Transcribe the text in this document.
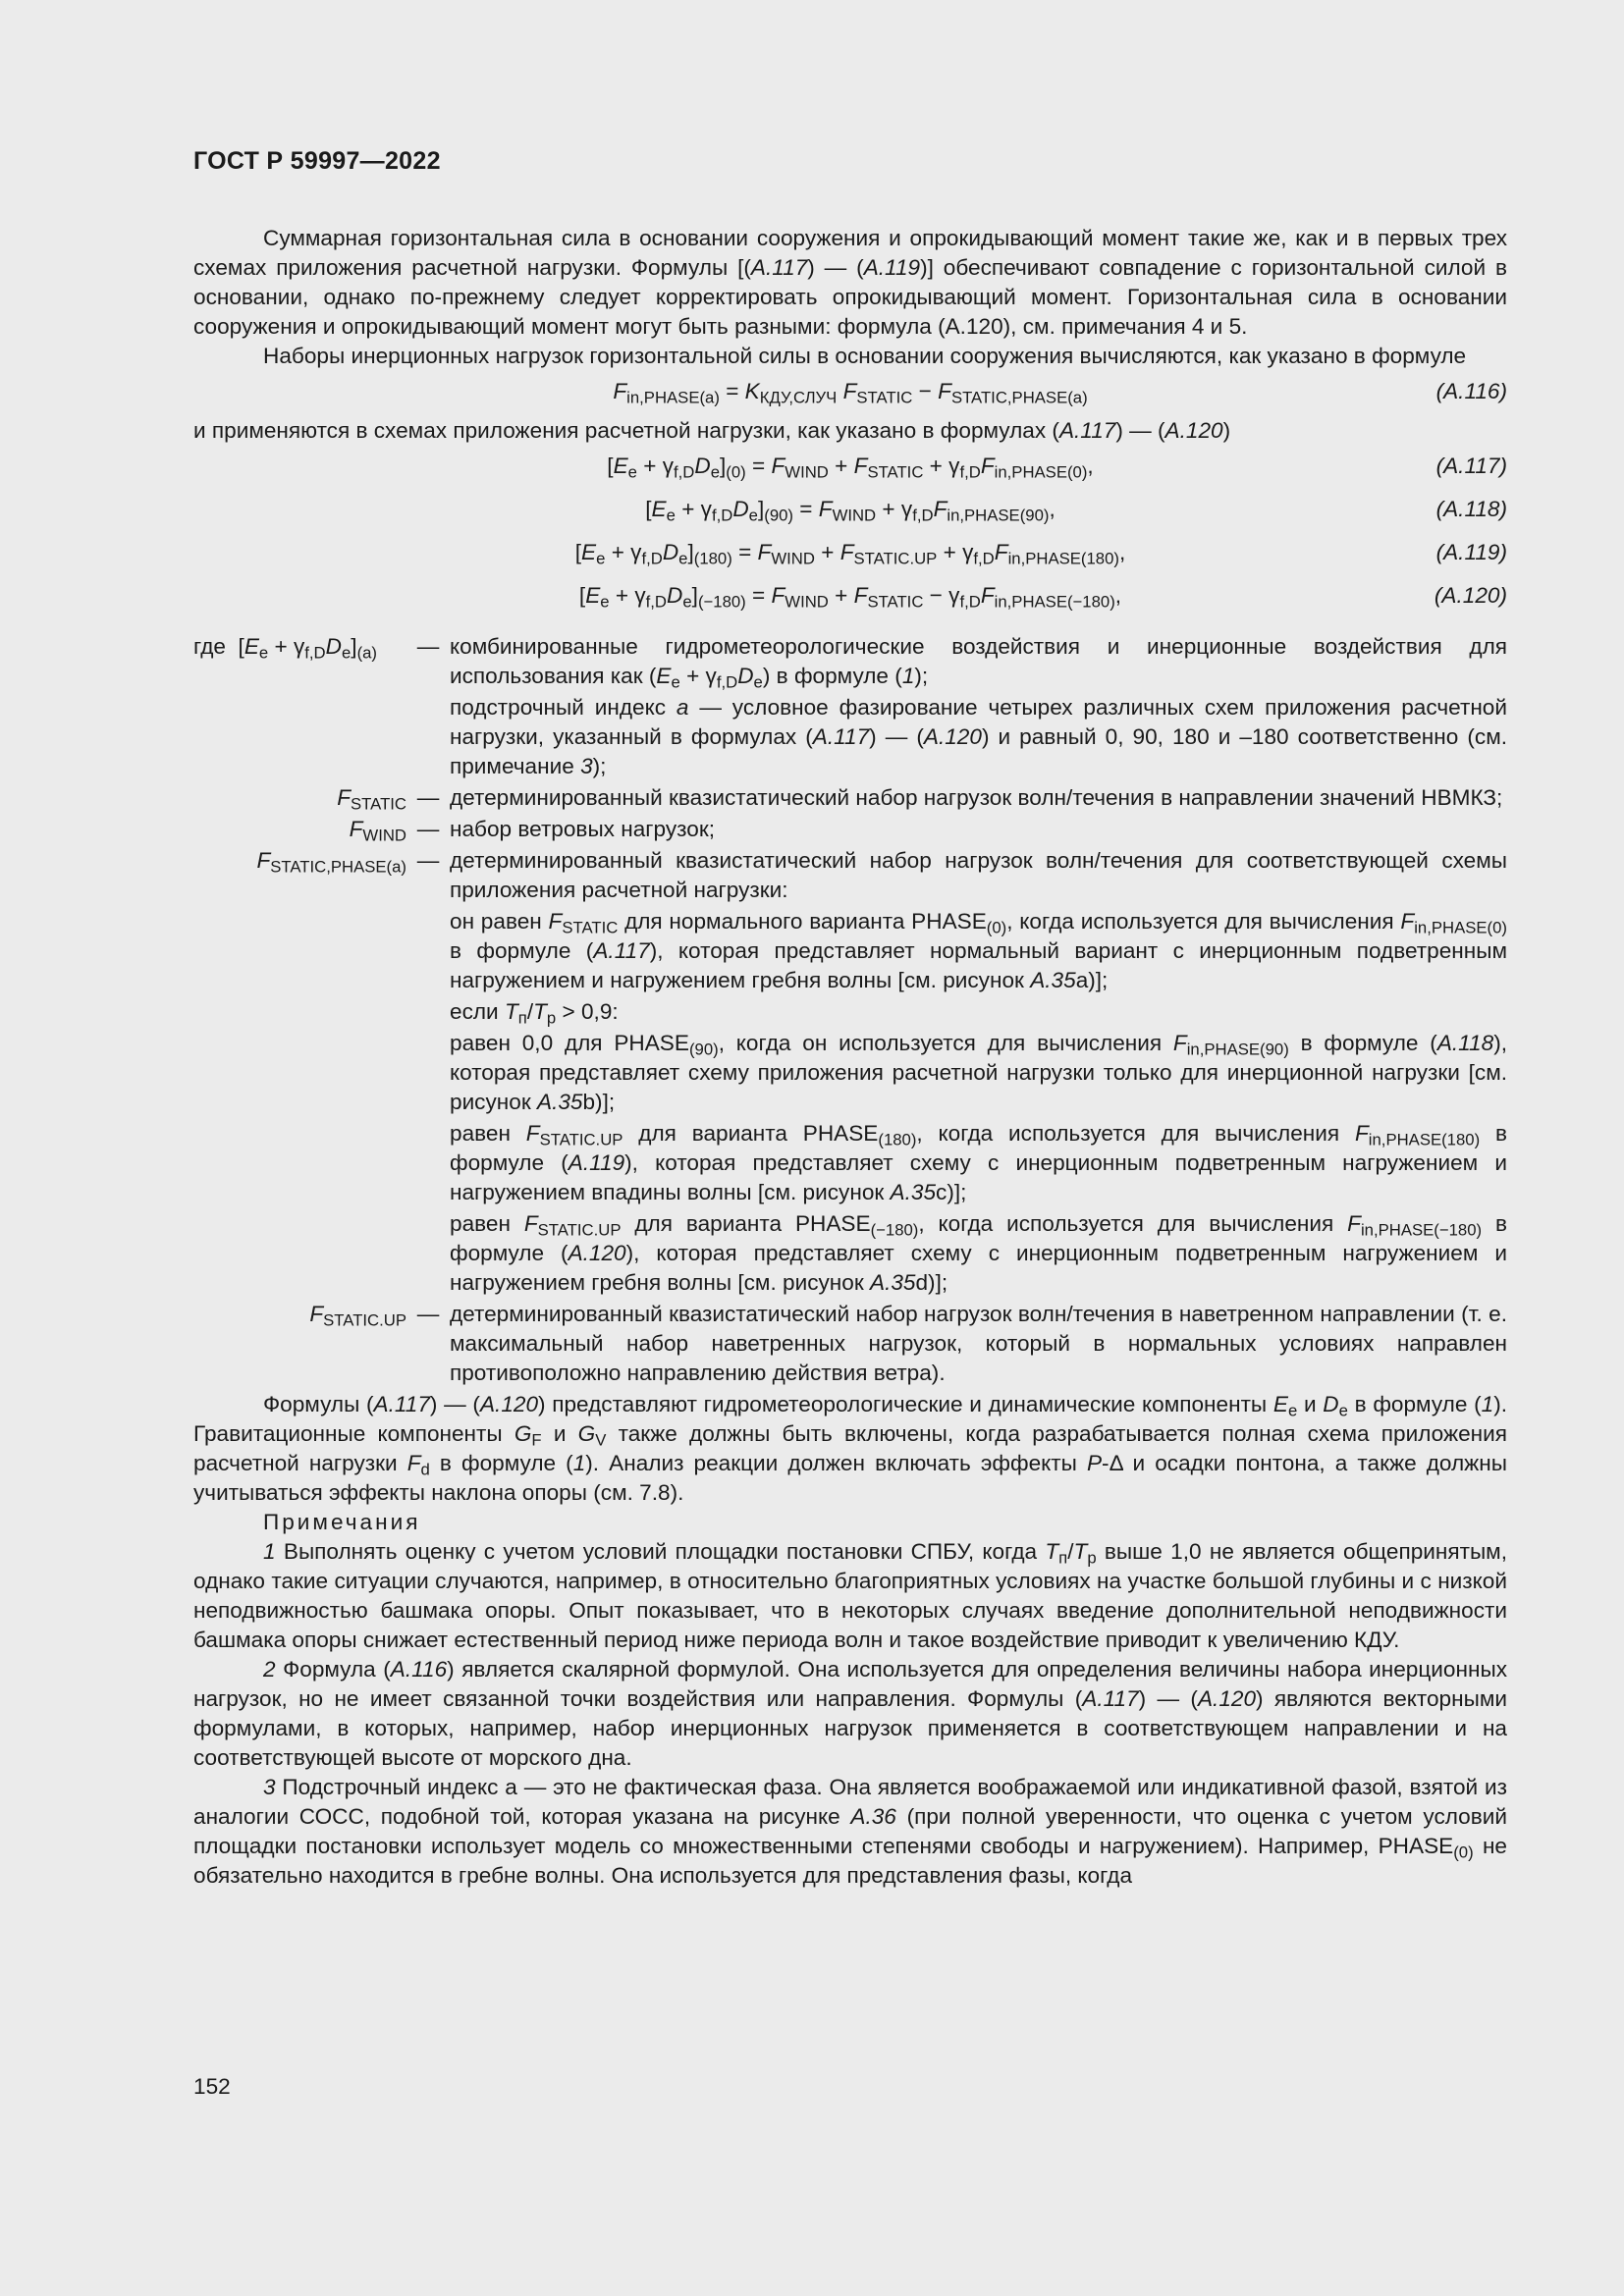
ГОСТ Р 59997—2022

Суммарная горизонтальная сила в основании сооружения и опрокидывающий момент такие же, как и в первых трех схемах приложения расчетной нагрузки. Формулы [(A.117) — (A.119)] обеспечивают совпадение с горизонтальной силой в основании, однако по-прежнему следует корректировать опрокидывающий момент. Горизонтальная сила в основании сооружения и опрокидывающий момент могут быть разными: формула (A.120), см. примечания 4 и 5.

Наборы инерционных нагрузок горизонтальной силы в основании сооружения вычисляются, как указано в формуле

$F_{in,PHASE(a)} = K_{КДУ,СЛУЧ}$ $F_{STATIC} - F_{STATIC,PHASE(a)}$	(A.116)

и применяются в схемах приложения расчетной нагрузки, как указано в формулах (A.117) — (A.120)

$[E_e + \gamma_{f,D}D_e]_{(0)} = F_{WIND} + F_{STATIC} + \gamma_{f,D}F_{in,PHASE(0)}$,	(A.117)
$[E_e + \gamma_{f,D}D_e]_{(90)} = F_{WIND} + \gamma_{f,D}F_{in,PHASE(90)}$,	(A.118)
$[E_e + \gamma_{f,D}D_e]_{(180)} = F_{WIND} + F_{STATIC.UP} + \gamma_{f,D}F_{in,PHASE(180)}$,	(A.119)
$[E_e + \gamma_{f,D}D_e]_{(-180)} = F_{WIND} + F_{STATIC} - \gamma_{f,D}F_{in,PHASE(-180)}$,	(A.120)
где  $[E_e + \gamma_{f,D}D_e]_{(a)}$	— комбинированные гидрометеорологические воздействия и инерционные воздействия для использования как $(E_e + \gamma_{f,D}D_e)$ в формуле (1);

подстрочный индекс a — условное фазирование четырех различных схем приложения расчетной нагрузки, указанный в формулах (A.117) — (A.120) и равный 0, 90, 180 и –180 соответственно (см. примечание 3);

$F_{STATIC}$ — детерминированный квазистатический набор нагрузок волн/течения в направлении значений НВМКЗ;

$F_{WIND}$ — набор ветровых нагрузок;

$F_{STATIC,PHASE(a)}$ — детерминированный квазистатический набор нагрузок волн/течения для соответствующей схемы приложения расчетной нагрузки:

он равен $F_{STATIC}$ для нормального варианта $PHASE_{(0)}$, когда используется для вычисления $F_{in,PHASE(0)}$ в формуле (A.117), которая представляет нормальный вариант с инерционным подветренным нагружением и нагружением гребня волны [см. рисунок A.35a)];

если $T_п/T_р > 0,9$:

равен 0,0 для $PHASE_{(90)}$, когда он используется для вычисления $F_{in,PHASE(90)}$ в формуле (A.118), которая представляет схему приложения расчетной нагрузки только для инерционной нагрузки [см. рисунок A.35b)];

равен $F_{STATIC.UP}$ для варианта $PHASE_{(180)}$, когда используется для вычисления $F_{in,PHASE(180)}$ в формуле (A.119), которая представляет схему с инерционным подветренным нагружением и нагружением впадины волны [см. рисунок A.35c)];

равен $F_{STATIC.UP}$ для варианта $PHASE_{(-180)}$, когда используется для вычисления $F_{in,PHASE(-180)}$ в формуле (A.120), которая представляет схему с инерционным подветренным нагружением и нагружением гребня волны [см. рисунок A.35d)];

$F_{STATIC.UP}$ — детерминированный квазистатический набор нагрузок волн/течения в наветренном направлении (т. е. максимальный набор наветренных нагрузок, который в нормальных условиях направлен противоположно направлению действия ветра).

Формулы (A.117) — (A.120) представляют гидрометеорологические и динамические компоненты $E_e$ и $D_e$ в формуле (1). Гравитационные компоненты $G_F$ и $G_V$ также должны быть включены, когда разрабатывается полная схема приложения расчетной нагрузки $F_d$ в формуле (1). Анализ реакции должен включать эффекты P-Δ и осадки понтона, а также должны учитываться эффекты наклона опоры (см. 7.8).

Примечания

1 Выполнять оценку с учетом условий площадки постановки СПБУ, когда $T_п/T_р$ выше 1,0 не является общепринятым, однако такие ситуации случаются, например, в относительно благоприятных условиях на участке большой глубины и с низкой неподвижностью башмака опоры. Опыт показывает, что в некоторых случаях введение дополнительной неподвижности башмака опоры снижает естественный период ниже периода волн и такое воздействие приводит к увеличению КДУ.

2 Формула (A.116) является скалярной формулой. Она используется для определения величины набора инерционных нагрузок, но не имеет связанной точки воздействия или направления. Формулы (A.117) — (A.120) являются векторными формулами, в которых, например, набор инерционных нагрузок применяется в соответствующем направлении и на соответствующей высоте от морского дна.

3 Подстрочный индекс а — это не фактическая фаза. Она является воображаемой или индикативной фазой, взятой из аналогии СОСС, подобной той, которая указана на рисунке A.36 (при полной уверенности, что оценка с учетом условий площадки постановки использует модель со множественными степенями свободы и нагружением). Например, $PHASE_{(0)}$ не обязательно находится в гребне волны. Она используется для представления фазы, когда

152
